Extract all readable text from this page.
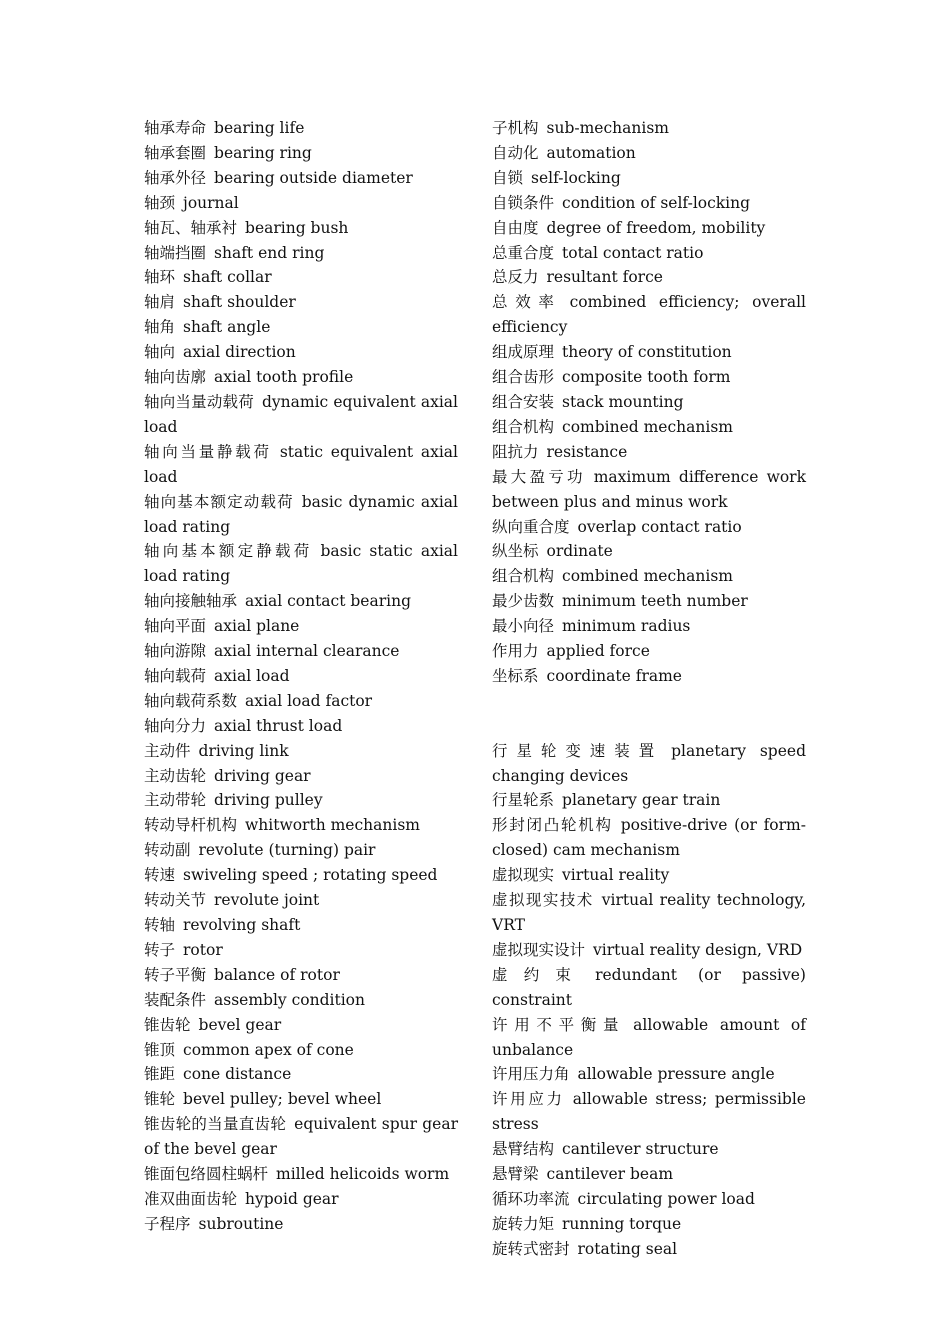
轴承寿命 bearing life
轴承套圈 bearing ring
轴承外径 bearing outside diameter
轴颈 journal
轴瓦、轴承衬 bearing bush
轴端挡圈 shaft end ring
轴环 shaft collar
轴肩 shaft shoulder
轴角 shaft angle
轴向 axial direction
轴向齿廓 axial tooth profile
轴向当量动载荷 dynamic equivalent axial load
轴向当量静载荷 static equivalent axial load
轴向基本额定动载荷 basic dynamic axial load rating
轴向基本额定静载荷 basic static axial load rating
轴向接触轴承 axial contact bearing
轴向平面 axial plane
轴向游隙 axial internal clearance
轴向载荷 axial load
轴向载荷系数 axial load factor
轴向分力 axial thrust load
主动件 driving link
主动齿轮 driving gear
主动带轮 driving pulley
转动导杆机构 whitworth mechanism
转动副 revolute (turning) pair
转速 swiveling speed ; rotating speed
转动关节 revolute joint
转轴 revolving shaft
转子 rotor
转子平衡 balance of rotor
装配条件 assembly condition
锥齿轮 bevel gear
锥顶 common apex of cone
锥距 cone distance
锥轮 bevel pulley; bevel wheel
锥齿轮的当量直齿轮 equivalent spur gear of the bevel gear
锥面包络圆柱蜗杆 milled helicoids worm
准双曲面齿轮 hypoid gear
子程序 subroutine
子机构 sub-mechanism
自动化 automation
自锁 self-locking
自锁条件 condition of self-locking
自由度 degree of freedom, mobility
总重合度 total contact ratio
总反力 resultant force
总效率 combined efficiency; overall efficiency
组成原理 theory of constitution
组合齿形 composite tooth form
组合安装 stack mounting
组合机构 combined mechanism
阻抗力 resistance
最大盈亏功 maximum difference work between plus and minus work
纵向重合度 overlap contact ratio
纵坐标 ordinate
组合机构 combined mechanism
最少齿数 minimum teeth number
最小向径 minimum radius
作用力 applied force
坐标系 coordinate frame
行星轮变速装置 planetary speed changing devices
行星轮系 planetary gear train
形封闭凸轮机构 positive-drive (or form-closed) cam mechanism
虚拟现实 virtual reality
虚拟现实技术 virtual reality technology, VRT
虚拟现实设计 virtual reality design, VRD
虚约束 redundant (or passive) constraint
许用不平衡量 allowable amount of unbalance
许用压力角 allowable pressure angle
许用应力 allowable stress; permissible stress
悬臂结构 cantilever structure
悬臂梁 cantilever beam
循环功率流 circulating power load
旋转力矩 running torque
旋转式密封 rotating seal
